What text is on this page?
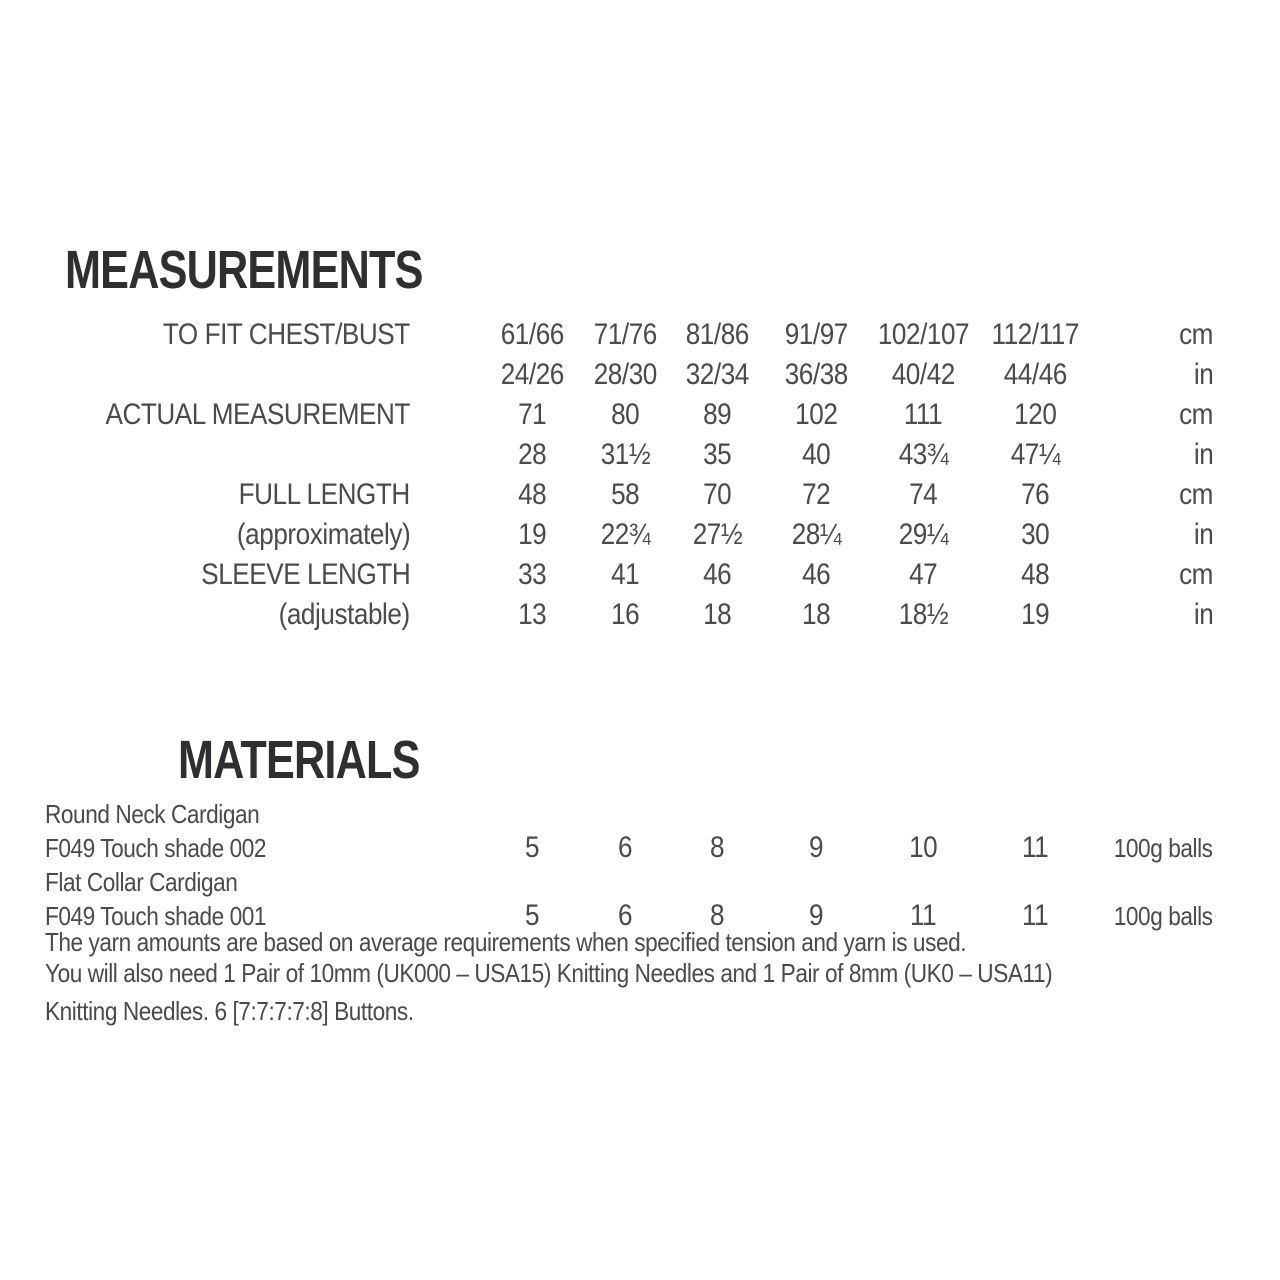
MEASUREMENTS
TO FIT CHEST/BUST	61/66	71/76	81/86	91/97	102/107	112/117	cm
	24/26	28/30	32/34	36/38	40/42	44/46	in
ACTUAL MEASUREMENT	71	80	89	102	111	120	cm
	28	31½	35	40	43¾	47¼	in
FULL LENGTH	48	58	70	72	74	76	cm
(approximately)	19	22¾	27½	28¼	29¼	30	in
SLEEVE LENGTH	33	41	46	46	47	48	cm
(adjustable)	13	16	18	18	18½	19	in
MATERIALS
Round Neck Cardigan							
F049 Touch shade 002	5	6	8	9	10	11	100g balls
Flat Collar Cardigan							
F049 Touch shade 001	5	6	8	9	11	11	100g balls

The yarn amounts are based on average requirements when specified tension and yarn is used.

You will also need 1 Pair of 10mm (UK000 – USA15) Knitting Needles and 1 Pair of 8mm (UK0 – USA11)

Knitting Needles. 6 [7:7:7:7:8] Buttons.
